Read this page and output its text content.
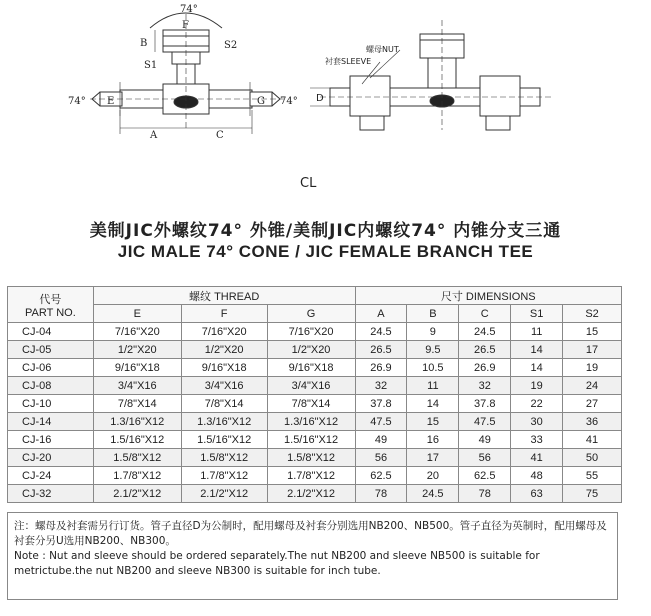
74°
B
F
S2
S1
E
A	C
G
74°	74°
螺母NUT
衬套SLEEVE
D
CL
美制JIC外螺纹74° 外锥/美制JIC内螺纹74° 内锥分支三通
JIC MALE 74° CONE / JIC FEMALE BRANCH TEE
代号
PART NO.	螺纹 THREAD			尺寸 DIMENSIONS				
	E	F	G	A	B	C	S1	S2
CJ-04	7/16"X20	7/16"X20	7/16"X20	24.5	9	24.5	11	15
CJ-05	1/2"X20	1/2"X20	1/2"X20	26.5	9.5	26.5	14	17
CJ-06	9/16"X18	9/16"X18	9/16"X18	26.9	10.5	26.9	14	19
CJ-08	3/4"X16	3/4"X16	3/4"X16	32	11	32	19	24
CJ-10	7/8"X14	7/8"X14	7/8"X14	37.8	14	37.8	22	27
CJ-14	1.3/16"X12	1.3/16"X12	1.3/16"X12	47.5	15	47.5	30	36
CJ-16	1.5/16"X12	1.5/16"X12	1.5/16"X12	49	16	49	33	41
CJ-20	1.5/8"X12	1.5/8"X12	1.5/8"X12	56	17	56	41	50
CJ-24	1.7/8"X12	1.7/8"X12	1.7/8"X12	62.5	20	62.5	48	55
CJ-32	2.1/2"X12	2.1/2"X12	2.1/2"X12	78	24.5	78	63	75

注：螺母及衬套需另行订货。管子直径D为公制时，配用螺母及衬套分别选用NB200、NB500。管子直径为英制时，配用螺母及衬套分另U选用NB200、NB300。

Note : Nut and sleeve should be ordered separately.The nut NB200 and sleeve NB500 is suitable for metrictube.the nut NB200 and sleeve NB300 is suitable for inch tube.
